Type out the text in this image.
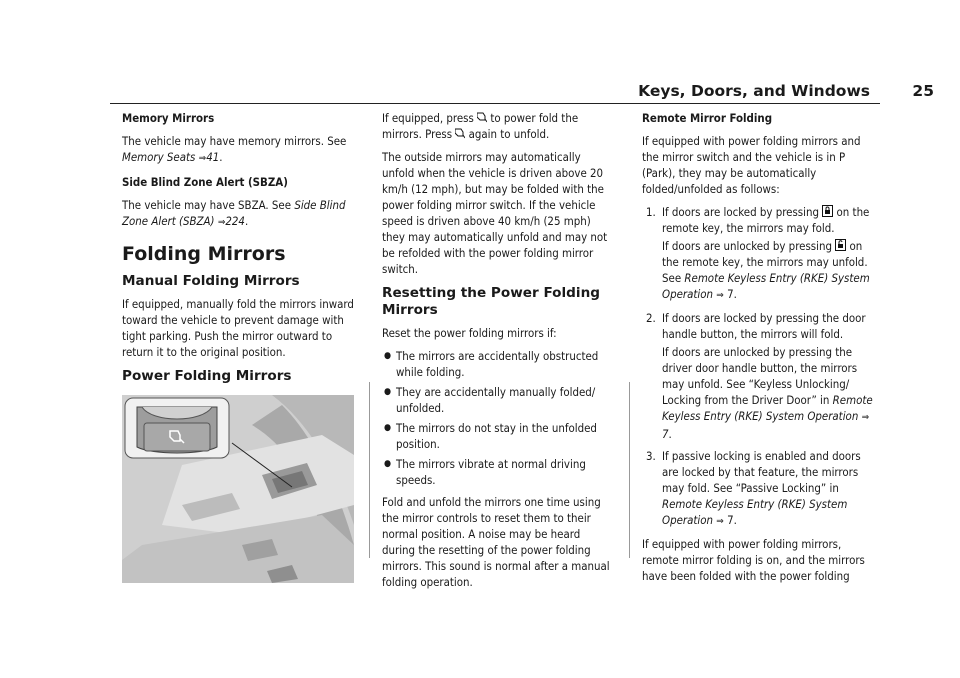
Keys, Doors, and Windows	25

Memory Mirrors

The vehicle may have memory mirrors. See Memory Seats ⇒41.

Side Blind Zone Alert (SBZA)

The vehicle may have SBZA. See Side Blind Zone Alert (SBZA) ⇒224.

Folding Mirrors
Manual Folding Mirrors

If equipped, manually fold the mirrors inward toward the vehicle to prevent damage with tight parking. Push the mirror outward to return it to the original position.

Power Folding Mirrors

If equipped, press to power fold the mirrors. Press again to unfold.

The outside mirrors may automatically unfold when the vehicle is driven above 20 km/h (12 mph), but may be folded with the power folding mirror switch. If the vehicle speed is driven above 40 km/h (25 mph) they may automatically unfold and may not be refolded with the power folding mirror switch.

Resetting the Power Folding Mirrors

Reset the power folding mirrors if:

● The mirrors are accidentally obstructed while folding.
● They are accidentally manually folded/ unfolded.
● The mirrors do not stay in the unfolded position.
● The mirrors vibrate at normal driving speeds.

Fold and unfold the mirrors one time using the mirror controls to reset them to their normal position. A noise may be heard during the resetting of the power folding mirrors. This sound is normal after a manual folding operation.

Remote Mirror Folding

If equipped with power folding mirrors and the mirror switch and the vehicle is in P (Park), they may be automatically folded/unfolded as follows:

1. If doors are locked by pressing on the remote key, the mirrors may fold.
If doors are unlocked by pressing on the remote key, the mirrors may unfold. See Remote Keyless Entry (RKE) System Operation ⇒ 7.
2. If doors are locked by pressing the door handle button, the mirrors will fold.
If doors are unlocked by pressing the driver door handle button, the mirrors may unfold. See “Keyless Unlocking/ Locking from the Driver Door” in Remote Keyless Entry (RKE) System Operation ⇒ 7.
3. If passive locking is enabled and doors are locked by that feature, the mirrors may fold. See “Passive Locking” in Remote Keyless Entry (RKE) System Operation ⇒ 7.

If equipped with power folding mirrors, remote mirror folding is on, and the mirrors have been folded with the power folding
